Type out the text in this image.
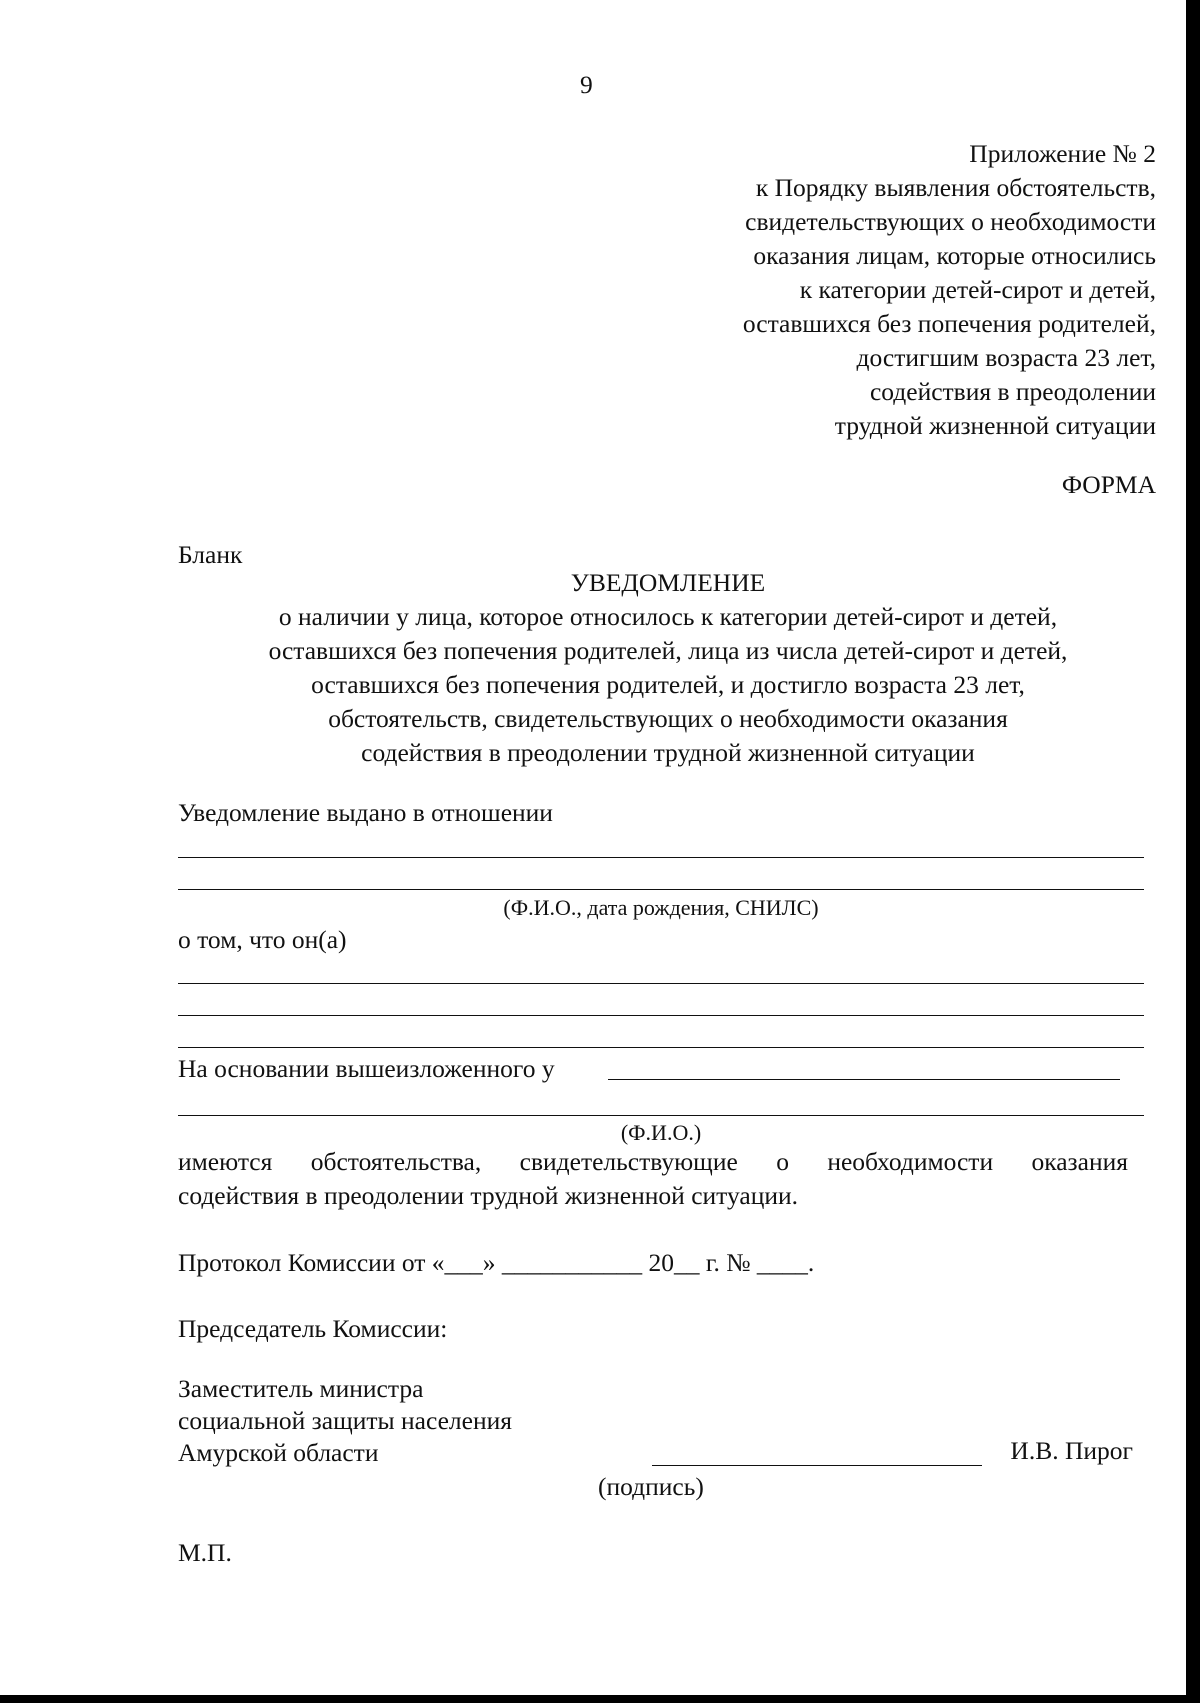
9
Приложение № 2
к Порядку выявления обстоятельств,
свидетельствующих о необходимости
оказания лицам, которые относились
к категории детей-сирот и детей,
оставшихся без попечения родителей,
достигшим возраста 23 лет,
содействия в преодолении
трудной жизненной ситуации
ФОРМА
Бланк
УВЕДОМЛЕНИЕ
о наличии у лица, которое относилось к категории детей-сирот и детей,
оставшихся без попечения родителей, лица из числа детей-сирот и детей,
оставшихся без попечения родителей, и достигло возраста 23 лет,
обстоятельств, свидетельствующих о необходимости оказания
содействия в преодолении трудной жизненной ситуации
Уведомление выдано в отношении
(Ф.И.О., дата рождения, СНИЛС)
о том, что он(а)
На основании вышеизложенного у
(Ф.И.О.)
имеются обстоятельства, свидетельствующие о необходимости оказания
содействия в преодолении трудной жизненной ситуации.
Протокол Комиссии от «___» ___________ 20__ г. № ____.
Председатель Комиссии:
Заместитель министра
социальной защиты населения
Амурской области	И.В. Пирог
(подпись)
М.П.
